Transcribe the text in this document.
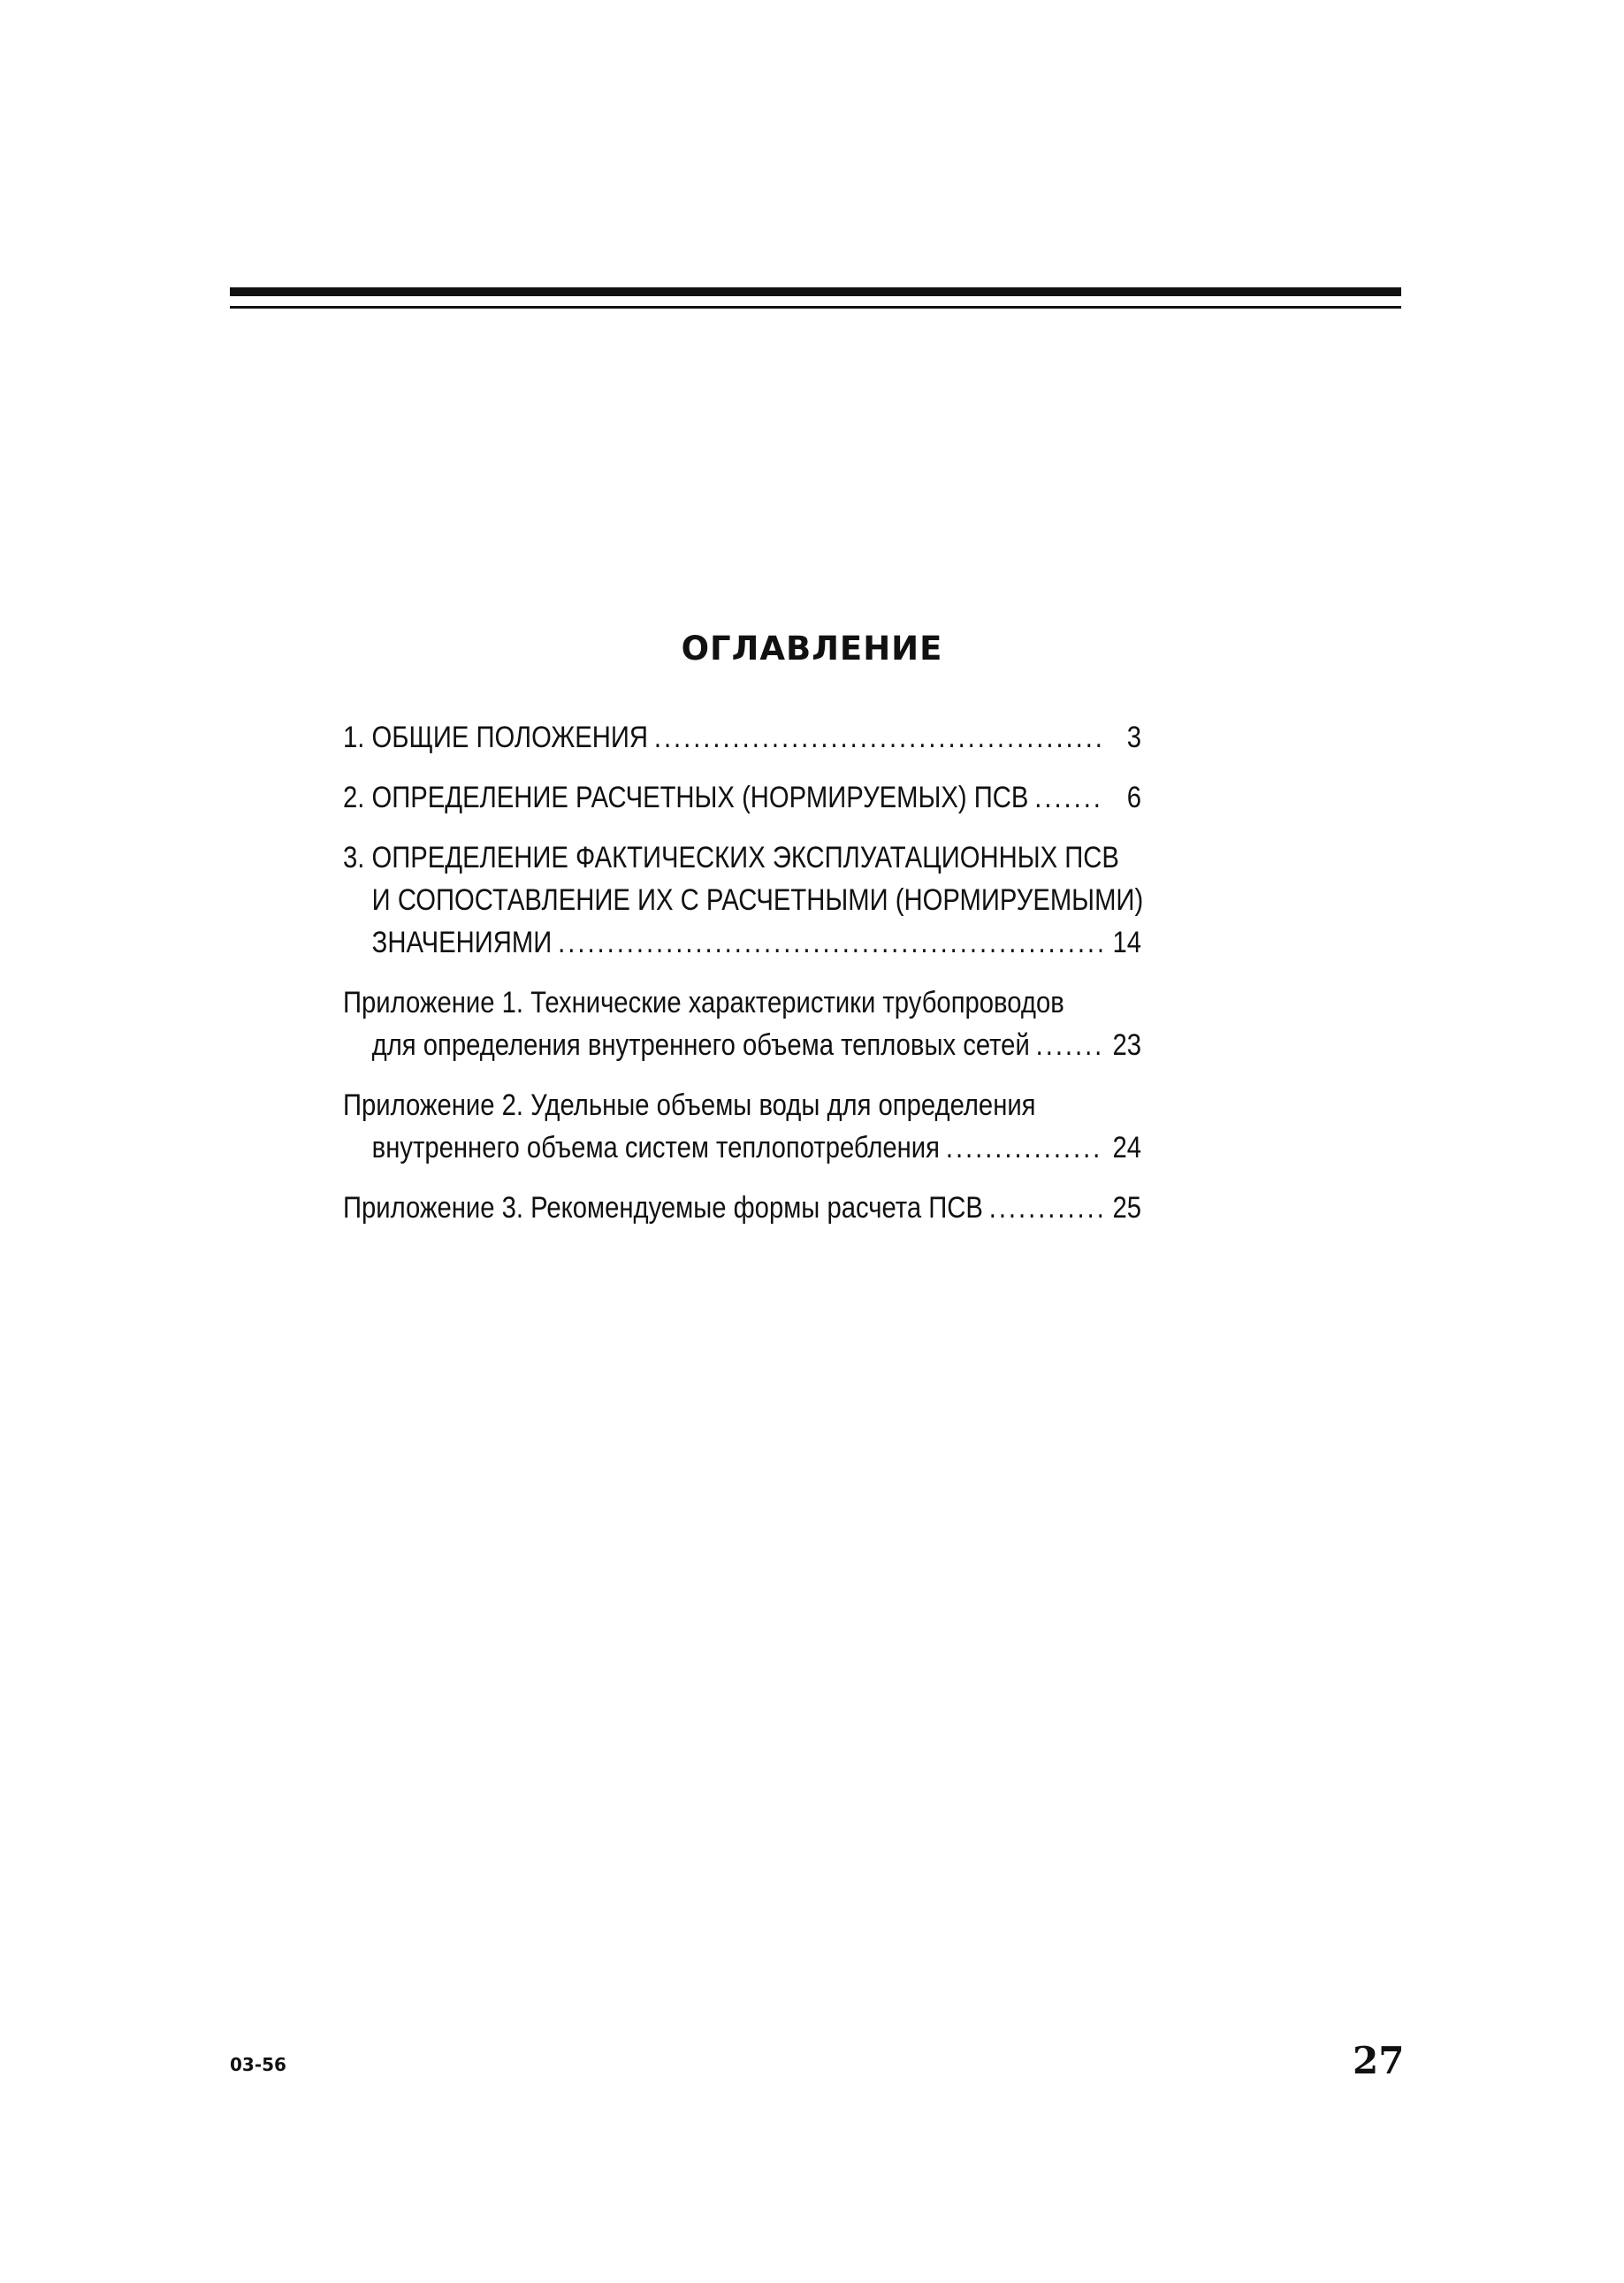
ОГЛАВЛЕНИЕ
1. ОБЩИЕ ПОЛОЖЕНИЯ . . .	3
2. ОПРЕДЕЛЕНИЕ РАСЧЕТНЫХ (НОРМИРУЕМЫХ) ПСВ . . .	6
3. ОПРЕДЕЛЕНИЕ ФАКТИЧЕСКИХ ЭКСПЛУАТАЦИОННЫХ ПСВ
И СОПОСТАВЛЕНИЕ ИХ С РАСЧЕТНЫМИ (НОРМИРУЕМЫМИ)
ЗНАЧЕНИЯМИ . . .	14
Приложение 1. Технические характеристики трубопроводов
для определения внутреннего объема тепловых сетей . . .	23
Приложение 2. Удельные объемы воды для определения
внутреннего объема систем теплопотребления . . .	24
Приложение 3. Рекомендуемые формы расчета ПСВ . . .	25
03-56	27
